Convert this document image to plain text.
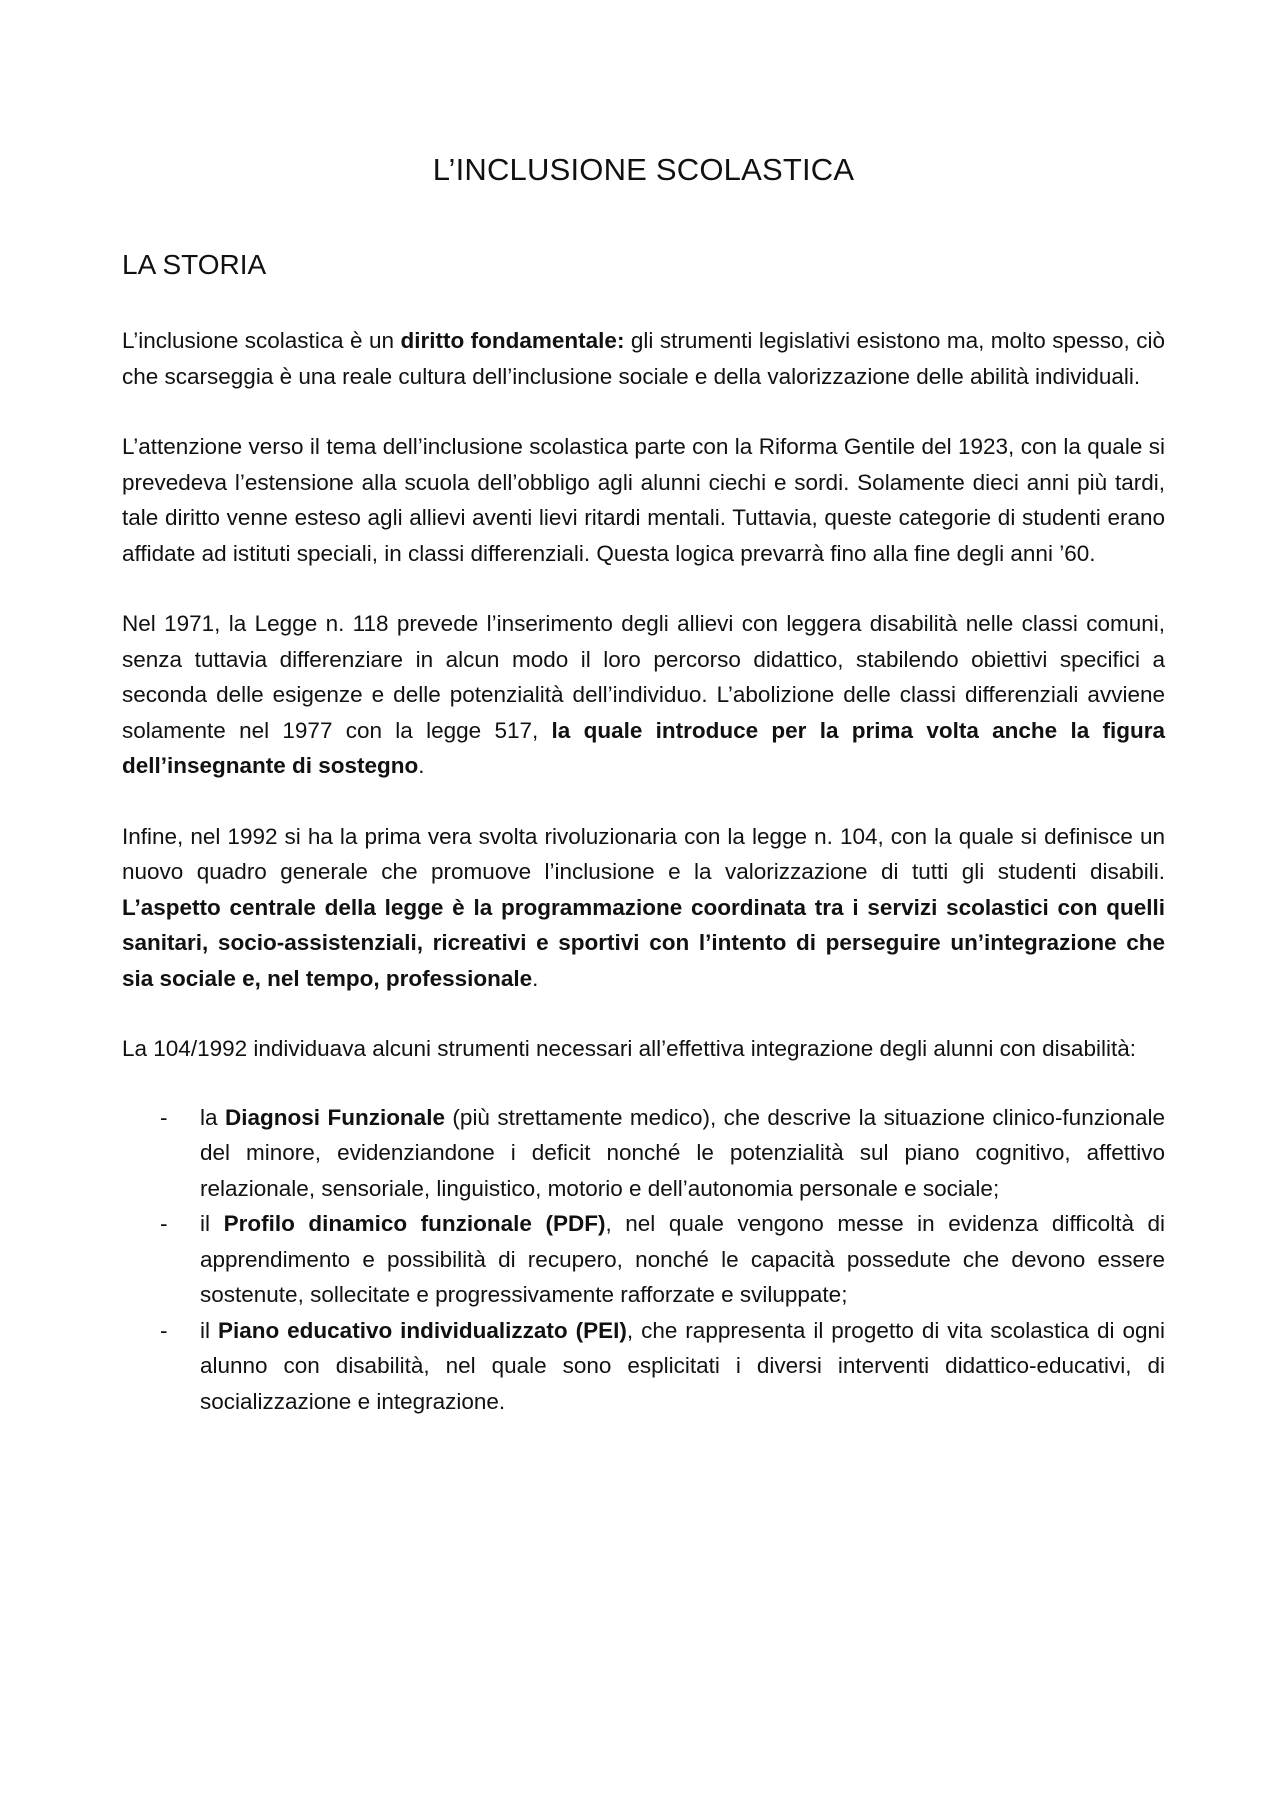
L’INCLUSIONE SCOLASTICA
LA STORIA

L’inclusione scolastica è un diritto fondamentale: gli strumenti legislativi esistono ma, molto spesso, ciò che scarseggia è una reale cultura dell’inclusione sociale e della valorizzazione delle abilità individuali.

L’attenzione verso il tema dell’inclusione scolastica parte con la Riforma Gentile del 1923, con la quale si prevedeva l’estensione alla scuola dell’obbligo agli alunni ciechi e sordi. Solamente dieci anni più tardi, tale diritto venne esteso agli allievi aventi lievi ritardi mentali. Tuttavia, queste categorie di studenti erano affidate ad istituti speciali, in classi differenziali. Questa logica prevarrà fino alla fine degli anni ’60.

Nel 1971, la Legge n. 118 prevede l’inserimento degli allievi con leggera disabilità nelle classi comuni, senza tuttavia differenziare in alcun modo il loro percorso didattico, stabilendo obiettivi specifici a seconda delle esigenze e delle potenzialità dell’individuo. L’abolizione delle classi differenziali avviene solamente nel 1977 con la legge 517, la quale introduce per la prima volta anche la figura dell’insegnante di sostegno.

Infine, nel 1992 si ha la prima vera svolta rivoluzionaria con la legge n. 104, con la quale si definisce un nuovo quadro generale che promuove l’inclusione e la valorizzazione di tutti gli studenti disabili. L’aspetto centrale della legge è la programmazione coordinata tra i servizi scolastici con quelli sanitari, socio-assistenziali, ricreativi e sportivi con l’intento di perseguire un’integrazione che sia sociale e, nel tempo, professionale.

La 104/1992 individuava alcuni strumenti necessari all’effettiva integrazione degli alunni con disabilità:

- la Diagnosi Funzionale (più strettamente medico), che descrive la situazione clinico-funzionale del minore, evidenziandone i deficit nonché le potenzialità sul piano cognitivo, affettivo relazionale, sensoriale, linguistico, motorio e dell’autonomia personale e sociale;
- il Profilo dinamico funzionale (PDF), nel quale vengono messe in evidenza difficoltà di apprendimento e possibilità di recupero, nonché le capacità possedute che devono essere sostenute, sollecitate e progressivamente rafforzate e sviluppate;
- il Piano educativo individualizzato (PEI), che rappresenta il progetto di vita scolastica di ogni alunno con disabilità, nel quale sono esplicitati i diversi interventi didattico-educativi, di socializzazione e integrazione.
